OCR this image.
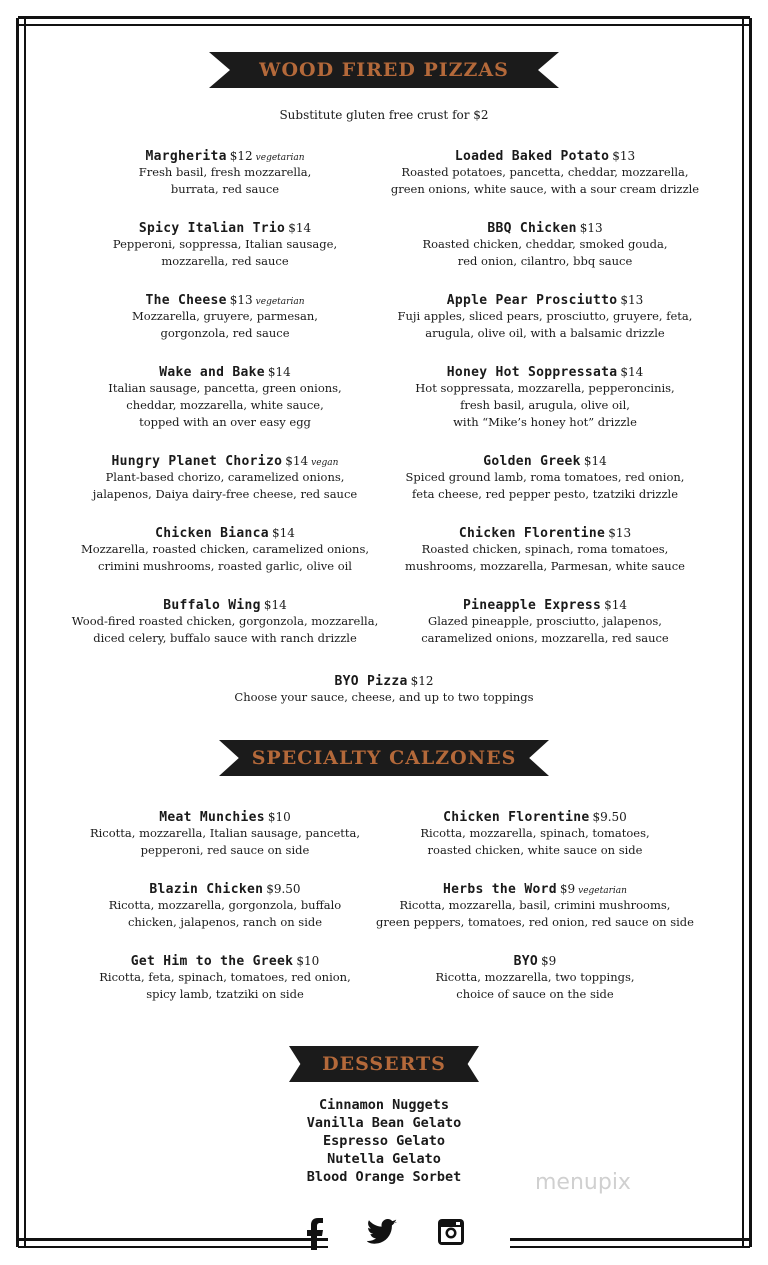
WOOD FIRED PIZZAS
Substitute gluten free crust for $2
Margherita $12 vegetarian
Fresh basil, fresh mozzarella,
burrata, red sauce
Spicy Italian Trio $14
Pepperoni, soppressa, Italian sausage,
mozzarella, red sauce
The Cheese $13 vegetarian
Mozzarella, gruyere, parmesan,
gorgonzola, red sauce
Wake and Bake $14
Italian sausage, pancetta, green onions,
cheddar, mozzarella, white sauce,
topped with an over easy egg
Hungry Planet Chorizo $14 vegan
Plant-based chorizo, caramelized onions,
jalapenos, Daiya dairy-free cheese, red sauce
Chicken Bianca $14
Mozzarella, roasted chicken, caramelized onions,
crimini mushrooms, roasted garlic, olive oil
Buffalo Wing $14
Wood-fired roasted chicken, gorgonzola, mozzarella,
diced celery, buffalo sauce with ranch drizzle
Loaded Baked Potato $13
Roasted potatoes, pancetta, cheddar, mozzarella,
green onions, white sauce, with a sour cream drizzle
BBQ Chicken $13
Roasted chicken, cheddar, smoked gouda,
red onion, cilantro, bbq sauce
Apple Pear Prosciutto $13
Fuji apples, sliced pears, prosciutto, gruyere, feta,
arugula, olive oil, with a balsamic drizzle
Honey Hot Soppressata $14
Hot soppressata, mozzarella, pepperoncinis,
fresh basil, arugula, olive oil,
with “Mike’s honey hot” drizzle
Golden Greek $14
Spiced ground lamb, roma tomatoes, red onion,
feta cheese, red pepper pesto, tzatziki drizzle
Chicken Florentine $13
Roasted chicken, spinach, roma tomatoes,
mushrooms, mozzarella, Parmesan, white sauce
Pineapple Express $14
Glazed pineapple, prosciutto, jalapenos,
caramelized onions, mozzarella, red sauce
BYO Pizza $12
Choose your sauce, cheese, and up to two toppings
SPECIALTY CALZONES
Meat Munchies $10
Ricotta, mozzarella, Italian sausage, pancetta,
pepperoni, red sauce on side
Blazin Chicken $9.50
Ricotta, mozzarella, gorgonzola, buffalo
chicken, jalapenos, ranch on side
Get Him to the Greek $10
Ricotta, feta, spinach, tomatoes, red onion,
spicy lamb, tzatziki on side
Chicken Florentine $9.50
Ricotta, mozzarella, spinach, tomatoes,
roasted chicken, white sauce on side
Herbs the Word $9 vegetarian
Ricotta, mozzarella, basil, crimini mushrooms,
green peppers, tomatoes, red onion, red sauce on side
BYO $9
Ricotta, mozzarella, two toppings,
choice of sauce on the side
DESSERTS
Cinnamon Nuggets
Vanilla Bean Gelato
Espresso Gelato
Nutella Gelato
Blood Orange Sorbet	menupix
